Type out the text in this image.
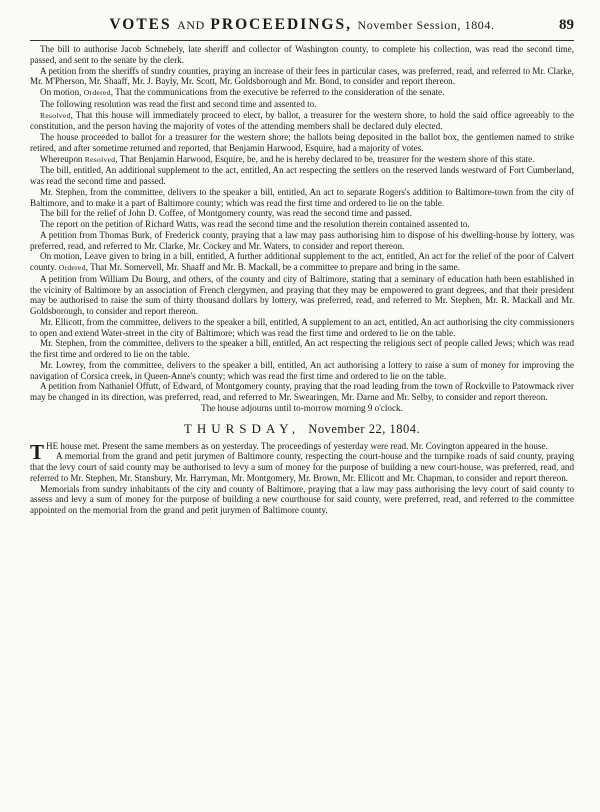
VOTES AND PROCEEDINGS, November Session, 1804.	89

The bill to authorise Jacob Schnebely, late sheriff and collector of Washington county, to complete his collection, was read the second time, passed, and sent to the senate by the clerk.

A petition from the sheriffs of sundry counties, praying an increase of their fees in particular cases, was preferred, read, and referred to Mr. Clarke, Mr. M'Pherson, Mr. Shaaff, Mr. J. Bayly, Mr. Scott, Mr. Goldsborough and Mr. Bond, to consider and report thereon.

On motion, Ordered, That the communications from the executive be referred to the consideration of the senate.

The following resolution was read the first and second time and assented to.

Resolved, That this house will immediately proceed to elect, by ballot, a treasurer for the western shore, to hold the said office agreeably to the constitution, and the person having the majority of votes of the attending members shall be declared duly elected.

The house proceeded to ballot for a treasurer for the western shore; the ballots being deposited in the ballot box, the gentlemen named to strike retired, and after sometime returned and reported, that Benjamin Harwood, Esquire, had a majority of votes.

Whereupon Resolved, That Benjamin Harwood, Esquire, be, and he is hereby declared to be, treasurer for the western shore of this state.

The bill, entitled, An additional supplement to the act, entitled, An act respecting the settlers on the reserved lands westward of Fort Cumberland, was read the second time and passed.

Mr. Stephen, from the committee, delivers to the speaker a bill, entitled, An act to separate Rogers's addition to Baltimore-town from the city of Baltimore, and to make it a part of Baltimore county; which was read the first time and ordered to lie on the table.

The bill for the relief of John D. Coffee, of Montgomery county, was read the second time and passed.

The report on the petition of Richard Watts, was read the second time and the resolution therein contained assented to.

A petition from Thomas Burk, of Frederick county, praying that a law may pass authorising him to dispose of his dwelling-house by lottery, was preferred, read, and referred to Mr. Clarke, Mr. Cockey and Mr. Waters, to consider and report thereon.

On motion, Leave given to bring in a bill, entitled, A further additional supplement to the act, entitled, An act for the relief of the poor of Calvert county. Ordered, That Mr. Somervell, Mr. Shaaff and Mr. B. Mackall, be a committee to prepare and bring in the same.

A petition from William Du Bourg, and others, of the county and city of Baltimore, stating that a seminary of education hath been established in the vicinity of Baltimore by an association of French clergymen, and praying that they may be empowered to grant degrees, and that their president may be authorised to raise the sum of thirty thousand dollars by lottery, was preferred, read, and referred to Mr. Stephen, Mr. R. Mackall and Mr. Goldsborough, to consider and report thereon.

Mr. Ellicott, from the committee, delivers to the speaker a bill, entitled, A supplement to an act, entitled, An act authorising the city commissioners to open and extend Water-street in the city of Baltimore; which was read the first time and ordered to lie on the table.

Mr. Stephen, from the committee, delivers to the speaker a bill, entitled, An act respecting the religious sect of people called Jews; which was read the first time and ordered to lie on the table.

Mr. Lowrey, from the committee, delivers to the speaker a bill, entitled, An act authorising a lottery to raise a sum of money for improving the navigation of Corsica creek, in Queen-Anne's county; which was read the first time and ordered to lie on the table.

A petition from Nathaniel Offutt, of Edward, of Montgomery county, praying that the road leading from the town of Rockville to Patowmack river may be changed in its direction, was preferred, read, and referred to Mr. Swearingen, Mr. Darne and Mr. Selby, to consider and report thereon.

The house adjourns until to-morrow morning 9 o'clock.

THURSDAY, November 22, 1804.

THE house met. Present the same members as on yesterday. The proceedings of yesterday were read. Mr. Covington appeared in the house.

A memorial from the grand and petit jurymen of Baltimore county, respecting the court-house and the turnpike roads of said county, praying that the levy court of said county may be authorised to levy a sum of money for the purpose of building a new court-house, was preferred, read, and referred to Mr. Stephen, Mr. Stansbury, Mr. Harryman, Mr. Montgomery, Mr. Brown, Mr. Ellicott and Mr. Chapman, to consider and report thereon.

Memorials from sundry inhabitants of the city and county of Baltimore, praying that a law may pass authorising the levy court of said county to assess and levy a sum of money for the purpose of building a new courthouse for said county, were preferred, read, and referred to the committee appointed on the memorial from the grand and petit jurymen of Baltimore county.
